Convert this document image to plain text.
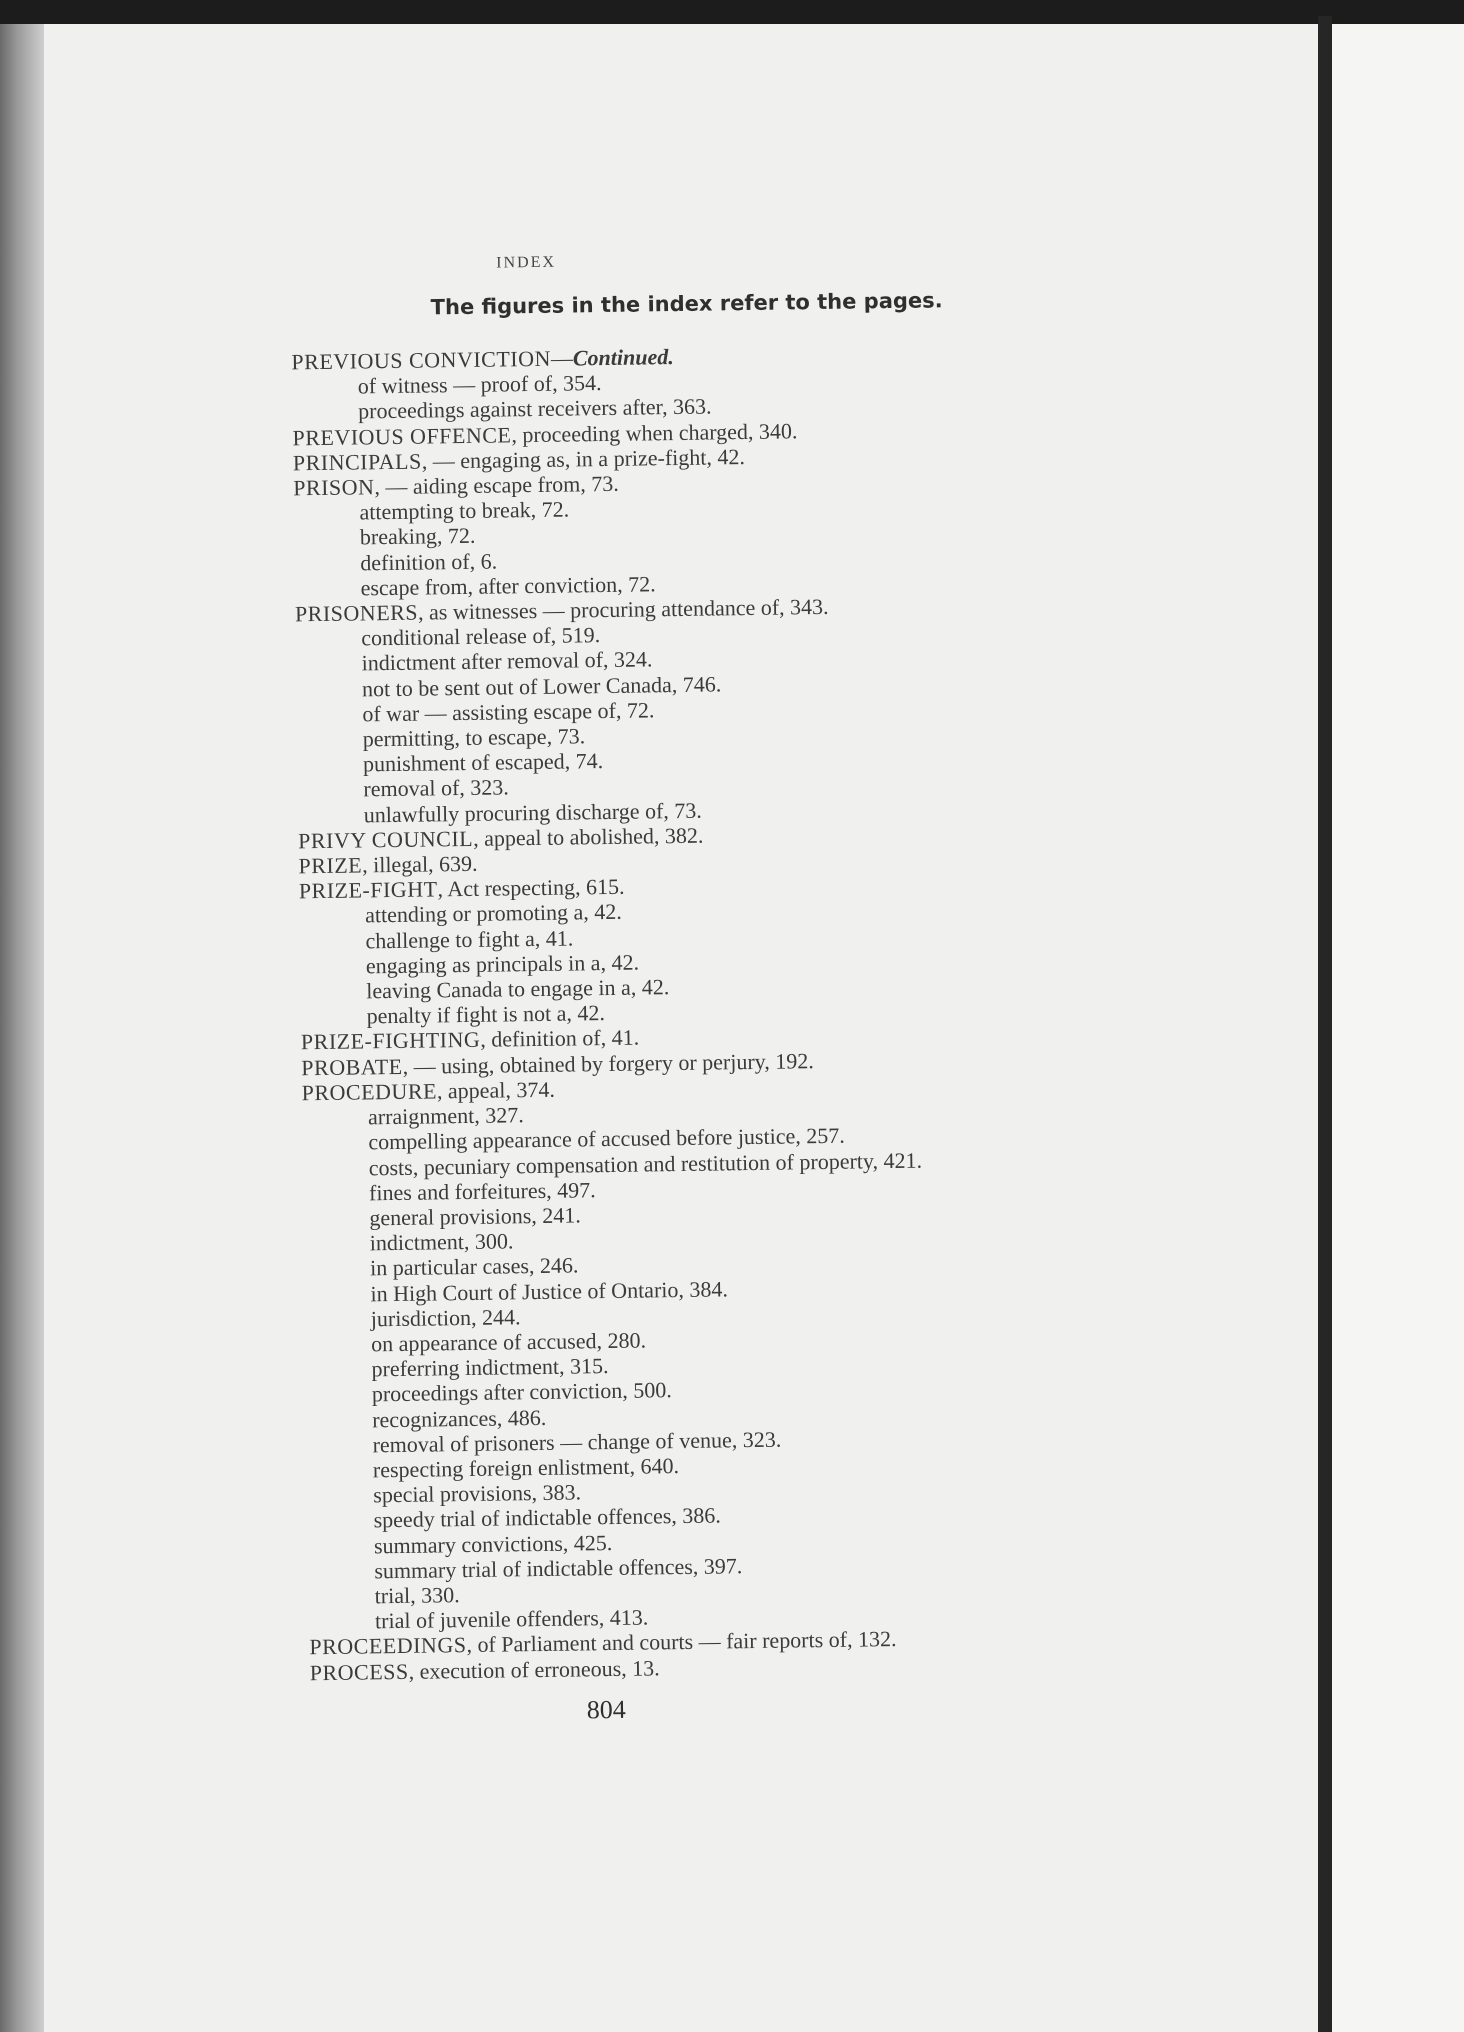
INDEX
The figures in the index refer to the pages.
PREVIOUS CONVICTION—Continued.
of witness — proof of, 354.
proceedings against receivers after, 363.
PREVIOUS OFFENCE, proceeding when charged, 340.
PRINCIPALS, — engaging as, in a prize-fight, 42.
PRISON, — aiding escape from, 73.
attempting to break, 72.
breaking, 72.
definition of, 6.
escape from, after conviction, 72.
PRISONERS, as witnesses — procuring attendance of, 343.
conditional release of, 519.
indictment after removal of, 324.
not to be sent out of Lower Canada, 746.
of war — assisting escape of, 72.
permitting, to escape, 73.
punishment of escaped, 74.
removal of, 323.
unlawfully procuring discharge of, 73.
PRIVY COUNCIL, appeal to abolished, 382.
PRIZE, illegal, 639.
PRIZE-FIGHT, Act respecting, 615.
attending or promoting a, 42.
challenge to fight a, 41.
engaging as principals in a, 42.
leaving Canada to engage in a, 42.
penalty if fight is not a, 42.
PRIZE-FIGHTING, definition of, 41.
PROBATE, — using, obtained by forgery or perjury, 192.
PROCEDURE, appeal, 374.
arraignment, 327.
compelling appearance of accused before justice, 257.
costs, pecuniary compensation and restitution of property, 421.
fines and forfeitures, 497.
general provisions, 241.
indictment, 300.
in particular cases, 246.
in High Court of Justice of Ontario, 384.
jurisdiction, 244.
on appearance of accused, 280.
preferring indictment, 315.
proceedings after conviction, 500.
recognizances, 486.
removal of prisoners — change of venue, 323.
respecting foreign enlistment, 640.
special provisions, 383.
speedy trial of indictable offences, 386.
summary convictions, 425.
summary trial of indictable offences, 397.
trial, 330.
trial of juvenile offenders, 413.
PROCEEDINGS, of Parliament and courts — fair reports of, 132.
PROCESS, execution of erroneous, 13.
804
